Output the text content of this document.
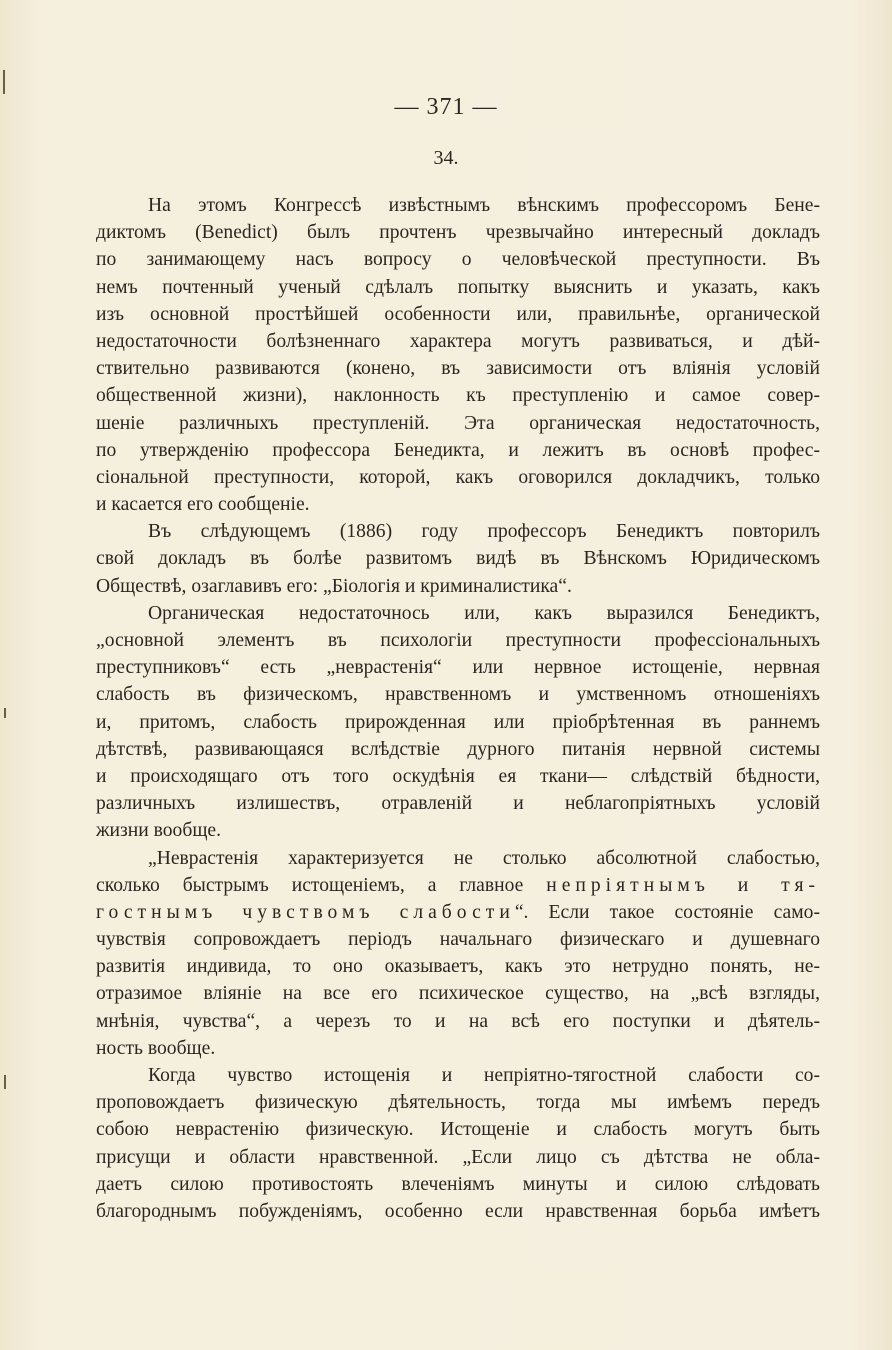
— 371 —
34.
На этомъ Конгрессѣ извѣстнымъ вѣнскимъ профессоромъ Бене-
диктомъ (Benedict) былъ прочтенъ чрезвычайно интересный докладъ
по занимающему насъ вопросу о человѣческой преступности. Въ
немъ почтенный ученый сдѣлалъ попытку выяснить и указать, какъ
изъ основной простѣйшей особенности или, правильнѣе, органической
недостаточности болѣзненнаго характера могутъ развиваться, и дѣй-
ствительно развиваются (конено, въ зависимости отъ вліянія условій
общественной жизни), наклонность къ преступленію и самое совер-
шеніе различныхъ преступленій. Эта органическая недостаточность,
по утвержденію профессора Бенедикта, и лежитъ въ основѣ профес-
сіональной преступности, которой, какъ оговорился докладчикъ, только
и касается его сообщеніе.
Въ слѣдующемъ (1886) году профессоръ Бенедиктъ повторилъ
свой докладъ въ болѣе развитомъ видѣ въ Вѣнскомъ Юридическомъ
Обществѣ, озаглавивъ его: „Біологія и криминалистика“.
Органическая недостаточнось или, какъ выразился Бенедиктъ,
„основной элементъ въ психологіи преступности профессіональныхъ
преступниковъ“ есть „неврастенія“ или нервное истощеніе, нервная
слабость въ физическомъ, нравственномъ и умственномъ отношеніяхъ
и, притомъ, слабость прирожденная или пріобрѣтенная въ раннемъ
дѣтствѣ, развивающаяся вслѣдствіе дурного питанія нервной системы
и происходящаго отъ того оскудѣнія ея ткани— слѣдствій бѣдности,
различныхъ излишествъ, отравленій и неблагопріятныхъ условій
жизни вообще.
„Неврастенія характеризуется не столько абсолютной слабостью,
сколько быстрымъ истощеніемъ, а главное непріятнымъ и тя-
гостнымъ чувствомъ слабости“. Если такое состояніе само-
чувствія сопровождаетъ періодъ начальнаго физическаго и душевнаго
развитія индивида, то оно оказываетъ, какъ это нетрудно понять, не-
отразимое вліяніе на все его психическое существо, на „всѣ взгляды,
мнѣнія, чувства“, а черезъ то и на всѣ его поступки и дѣятель-
ность вообще.
Когда чувство истощенія и непріятно-тягостной слабости со-
проповождаетъ физическую дѣятельность, тогда мы имѣемъ передъ
собою неврастенію физическую. Истощеніе и слабость могутъ быть
присущи и области нравственной. „Если лицо съ дѣтства не обла-
даетъ силою противостоять влеченіямъ минуты и силою слѣдовать
благороднымъ побужденіямъ, особенно если нравственная борьба имѣетъ
